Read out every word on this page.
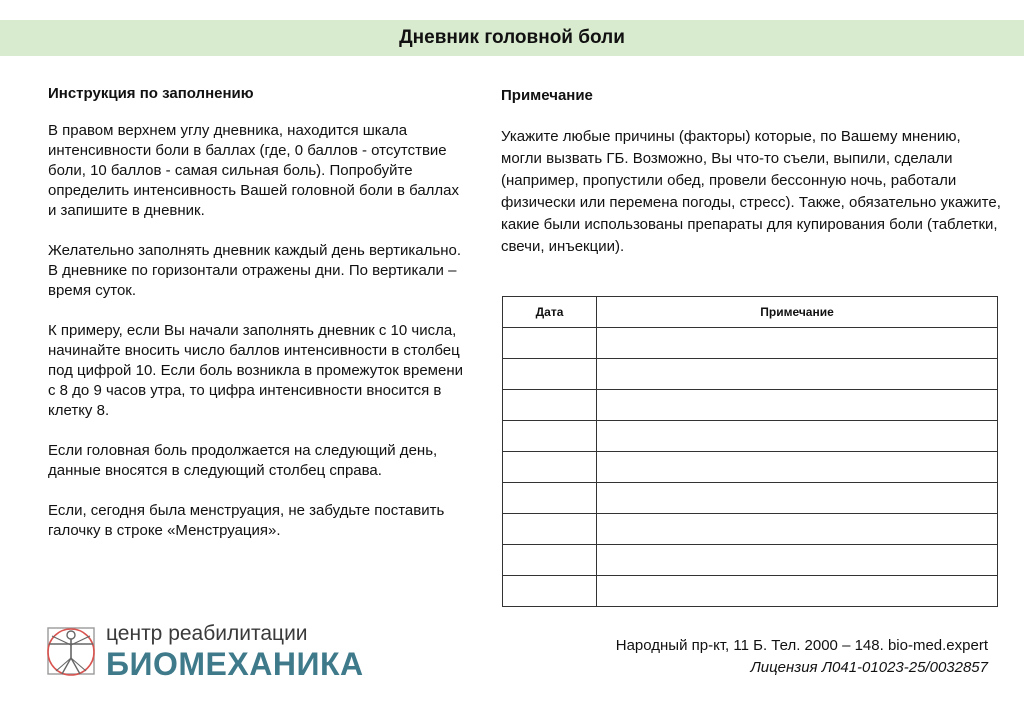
Дневник головной боли

Инструкция по заполнению

В правом верхнем углу дневника, находится шкала интенсивности боли в баллах (где, 0 баллов - отсутствие боли, 10 баллов - самая сильная боль). Попробуйте определить интенсивность Вашей головной боли в баллах и запишите в дневник.

Желательно заполнять дневник каждый день вертикально. В дневнике по горизонтали отражены дни. По вертикали – время суток.

К примеру, если Вы начали заполнять дневник с 10 числа, начинайте вносить число баллов интенсивности в столбец под цифрой 10. Если боль возникла в промежуток времени с 8 до 9 часов утра, то цифра интенсивности вносится в клетку 8.

Если головная боль продолжается на следующий день, данные вносятся в следующий столбец справа.

Если, сегодня была менструация, не забудьте поставить галочку в строке «Менструация».

Примечание

Укажите любые причины (факторы) которые, по Вашему мнению, могли вызвать ГБ. Возможно, Вы что-то съели, выпили, сделали (например, пропустили обед, провели бессонную ночь, работали физически или перемена погоды, стресс). Также, обязательно укажите, какие были использованы препараты для купирования боли (таблетки, свечи, инъекции).

Дата	Примечание

центр реабилитации
БИОМЕХАНИКА
Народный пр-кт, 11 Б. Тел. 2000 – 148. bio-med.expert
Лицензия Л041-01023-25/0032857
